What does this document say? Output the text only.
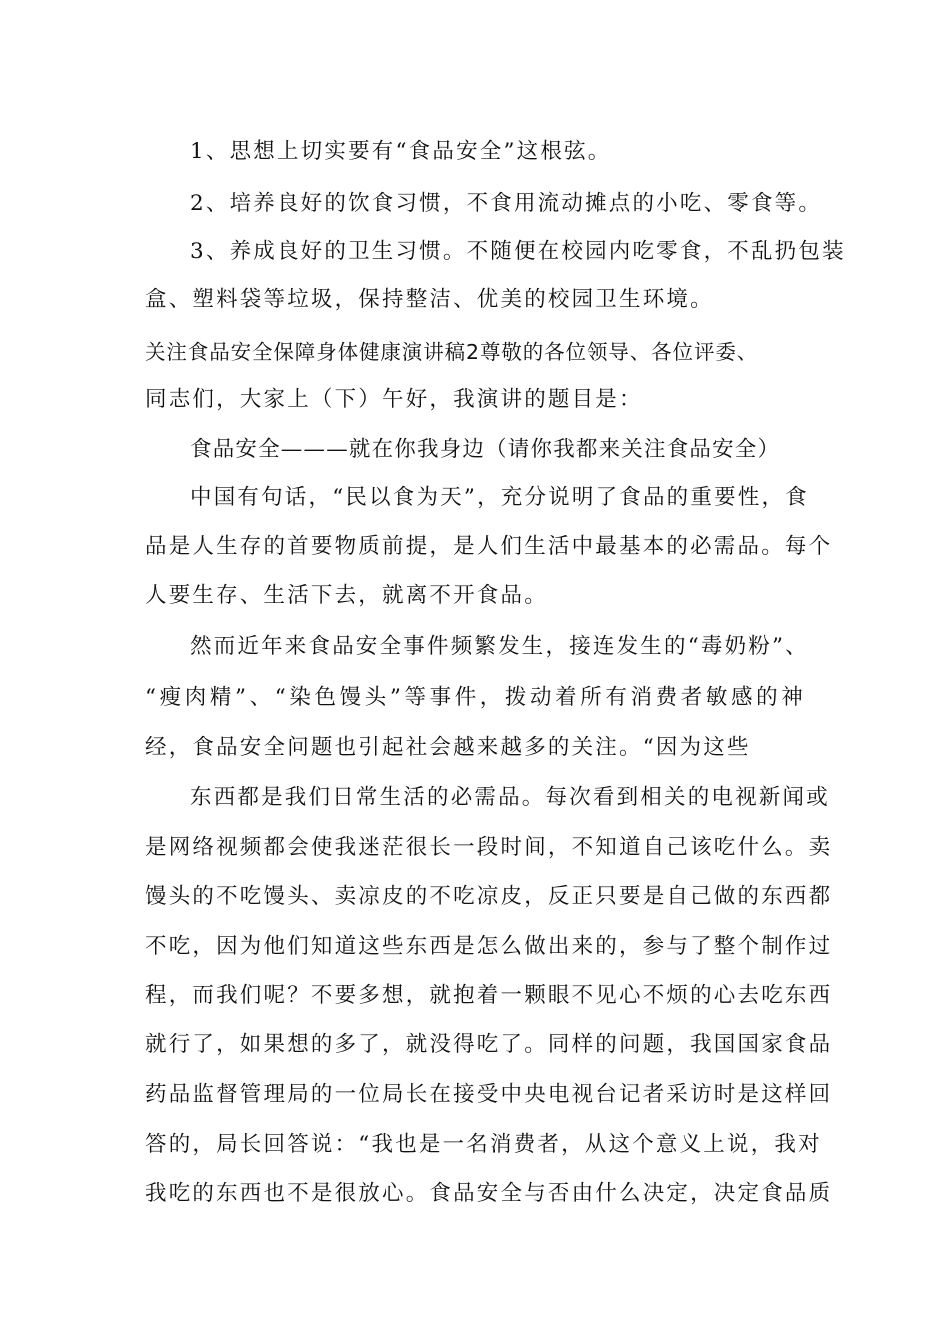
1、思想上切实要有“食品安全”这根弦。
2、培养良好的饮食习惯，不食用流动摊点的小吃、零食等。
3、养成良好的卫生习惯。不随便在校园内吃零食，不乱扔包装
盒、塑料袋等垃圾，保持整洁、优美的校园卫生环境。
关注食品安全保障身体健康演讲稿2尊敬的各位领导、各位评委、
同志们，大家上（下）午好，我演讲的题目是：
食品安全———就在你我身边（请你我都来关注食品安全）
中国有句话，“民以食为天”，充分说明了食品的重要性，食
品是人生存的首要物质前提，是人们生活中最基本的必需品。每个
人要生存、生活下去，就离不开食品。
然而近年来食品安全事件频繁发生，接连发生的“毒奶粉”、
“瘦肉精”、“染色馒头”等事件，拨动着所有消费者敏感的神
经，食品安全问题也引起社会越来越多的关注。“因为这些
东西都是我们日常生活的必需品。每次看到相关的电视新闻或
是网络视频都会使我迷茫很长一段时间，不知道自己该吃什么。卖
馒头的不吃馒头、卖凉皮的不吃凉皮，反正只要是自己做的东西都
不吃，因为他们知道这些东西是怎么做出来的，参与了整个制作过
程，而我们呢？不要多想，就抱着一颗眼不见心不烦的心去吃东西
就行了，如果想的多了，就没得吃了。同样的问题，我国国家食品
药品监督管理局的一位局长在接受中央电视台记者采访时是这样回
答的，局长回答说：“我也是一名消费者，从这个意义上说，我对
我吃的东西也不是很放心。食品安全与否由什么决定，决定食品质
